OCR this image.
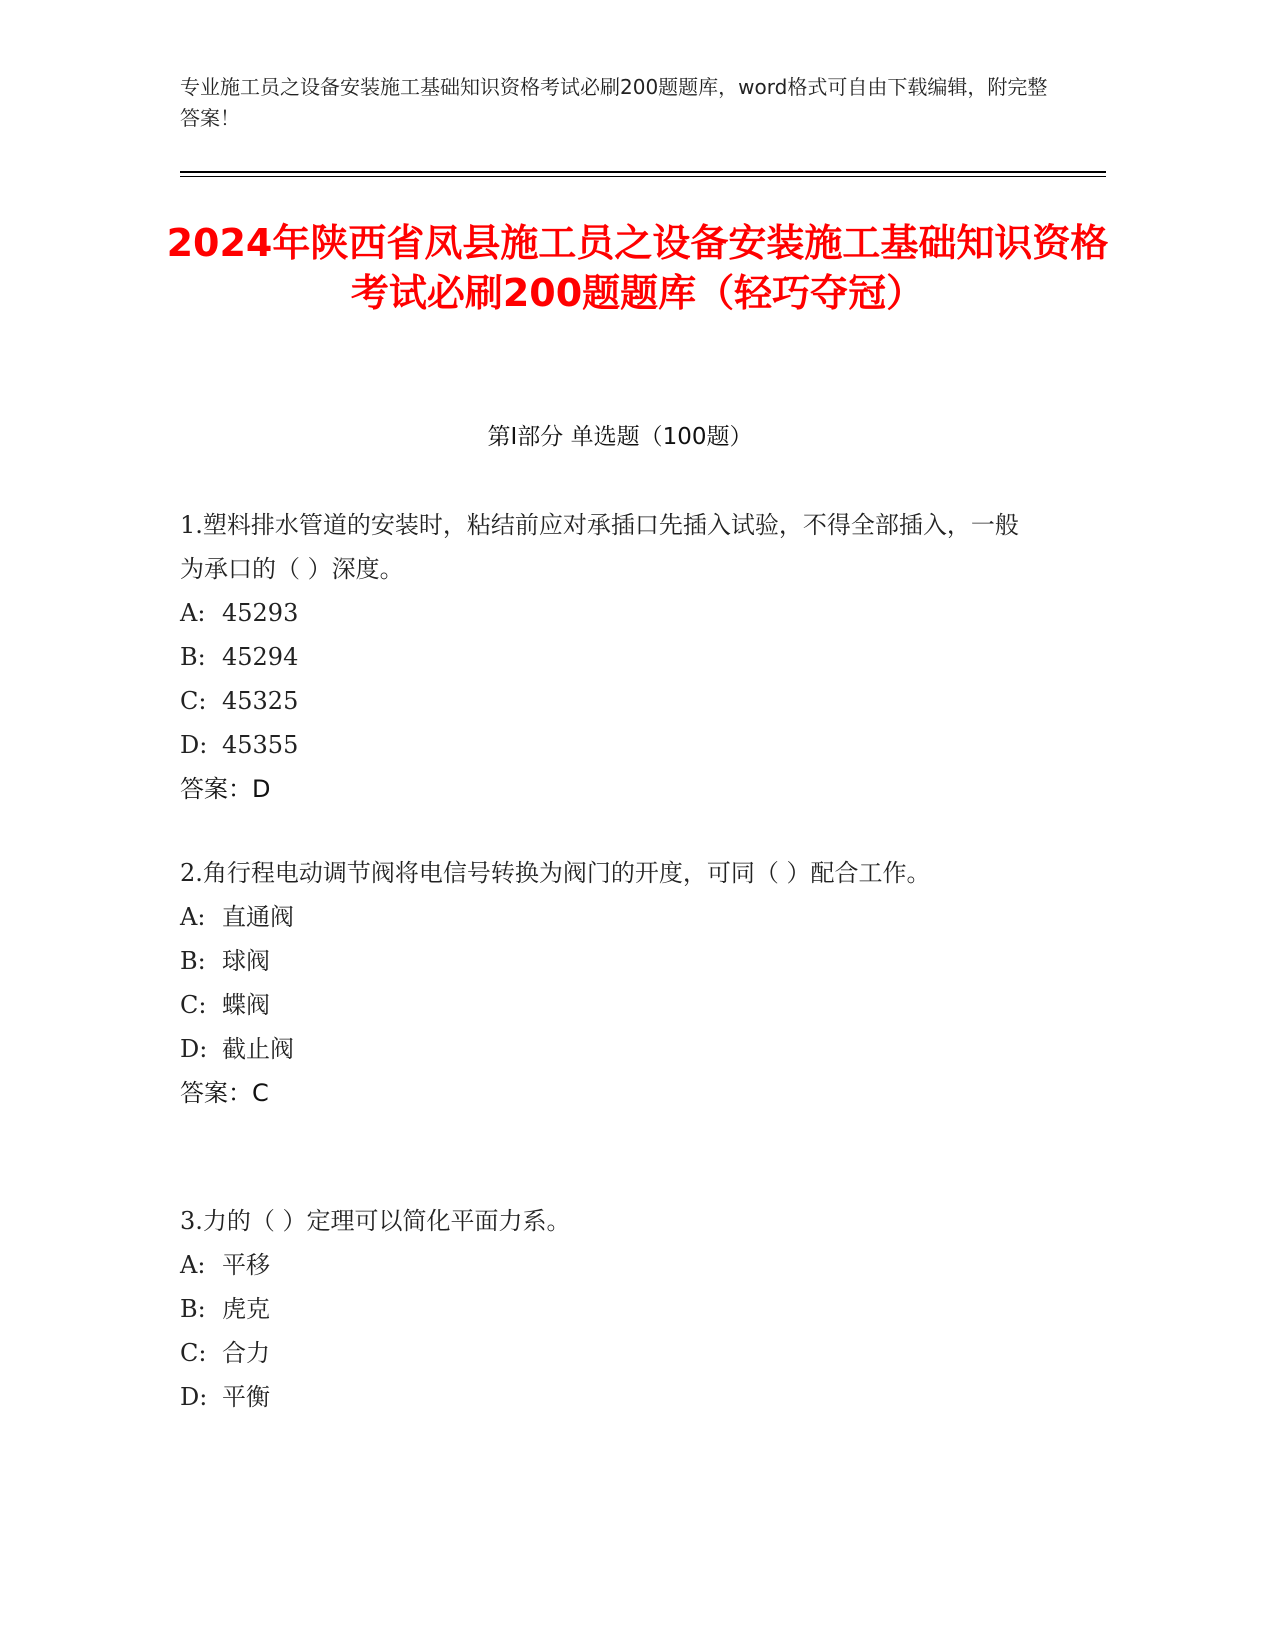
专业施工员之设备安装施工基础知识资格考试必刷200题题库，word格式可自由下载编辑，附完整答案！
2024年陕西省凤县施工员之设备安装施工基础知识资格考试必刷200题题库（轻巧夺冠）
第Ⅰ部分 单选题（100题）

1.塑料排水管道的安装时，粘结前应对承插口先插入试验，不得全部插入，一般为承口的（ ）深度。

A: 45293
B: 45294
C: 45325
D: 45355
答案：D

2.角行程电动调节阀将电信号转换为阀门的开度，可同（ ）配合工作。

A: 直通阀
B: 球阀
C: 蝶阀
D: 截止阀
答案：C

3.力的（ ）定理可以简化平面力系。

A: 平移
B: 虎克
C: 合力
D: 平衡
